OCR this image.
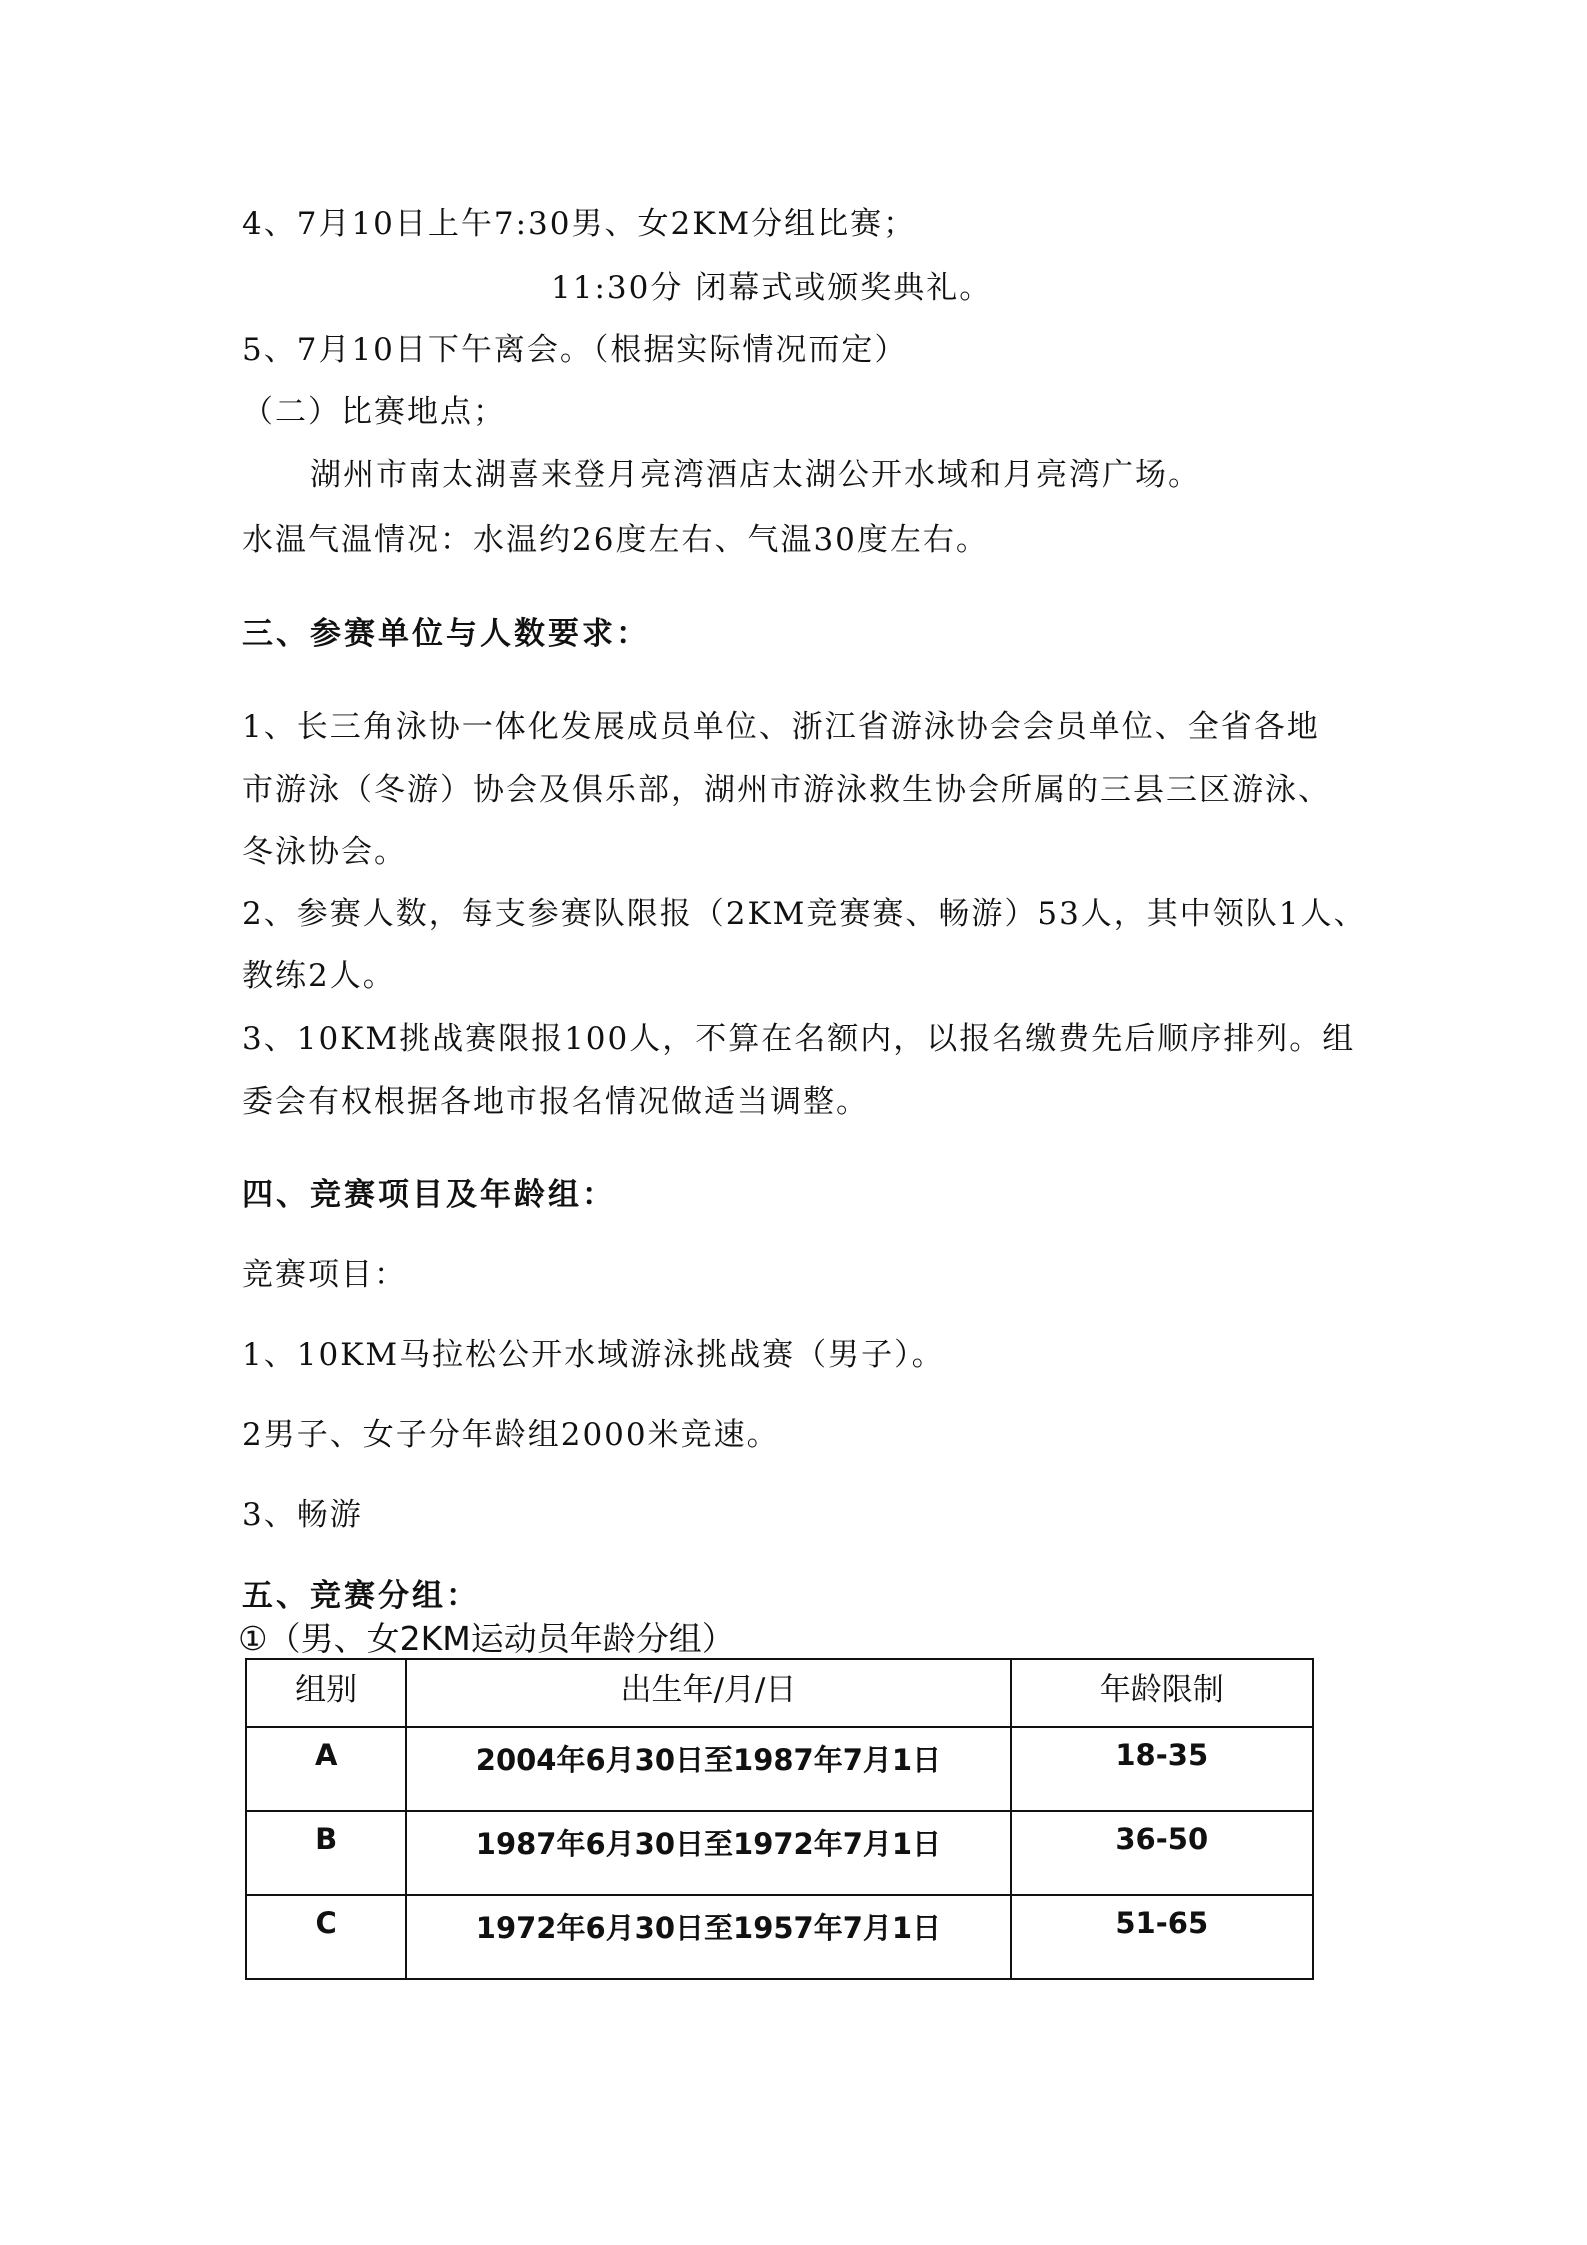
4、7月10日上午7:30男、女2KM分组比赛；
11:30分 闭幕式或颁奖典礼。
5、7月10日下午离会。（根据实际情况而定）
（二）比赛地点；
湖州市南太湖喜来登月亮湾酒店太湖公开水域和月亮湾广场。
水温气温情况：水温约26度左右、气温30度左右。
三、参赛单位与人数要求：
1、长三角泳协一体化发展成员单位、浙江省游泳协会会员单位、全省各地
市游泳（冬游）协会及俱乐部，湖州市游泳救生协会所属的三县三区游泳、
冬泳协会。
2、参赛人数，每支参赛队限报（2KM竞赛赛、畅游）53人，其中领队1人、
教练2人。
3、10KM挑战赛限报100人，不算在名额内，以报名缴费先后顺序排列。组
委会有权根据各地市报名情况做适当调整。
四、竞赛项目及年龄组：
竞赛项目：
1、10KM马拉松公开水域游泳挑战赛（男子）。
2男子、女子分年龄组2000米竞速。
3、畅游
五、竞赛分组：
①（男、女2KM运动员年龄分组）
组别	出生年/月/日	年龄限制
A	2004年6月30日至1987年7月1日	18-35
B	1987年6月30日至1972年7月1日	36-50
C	1972年6月30日至1957年7月1日	51-65
